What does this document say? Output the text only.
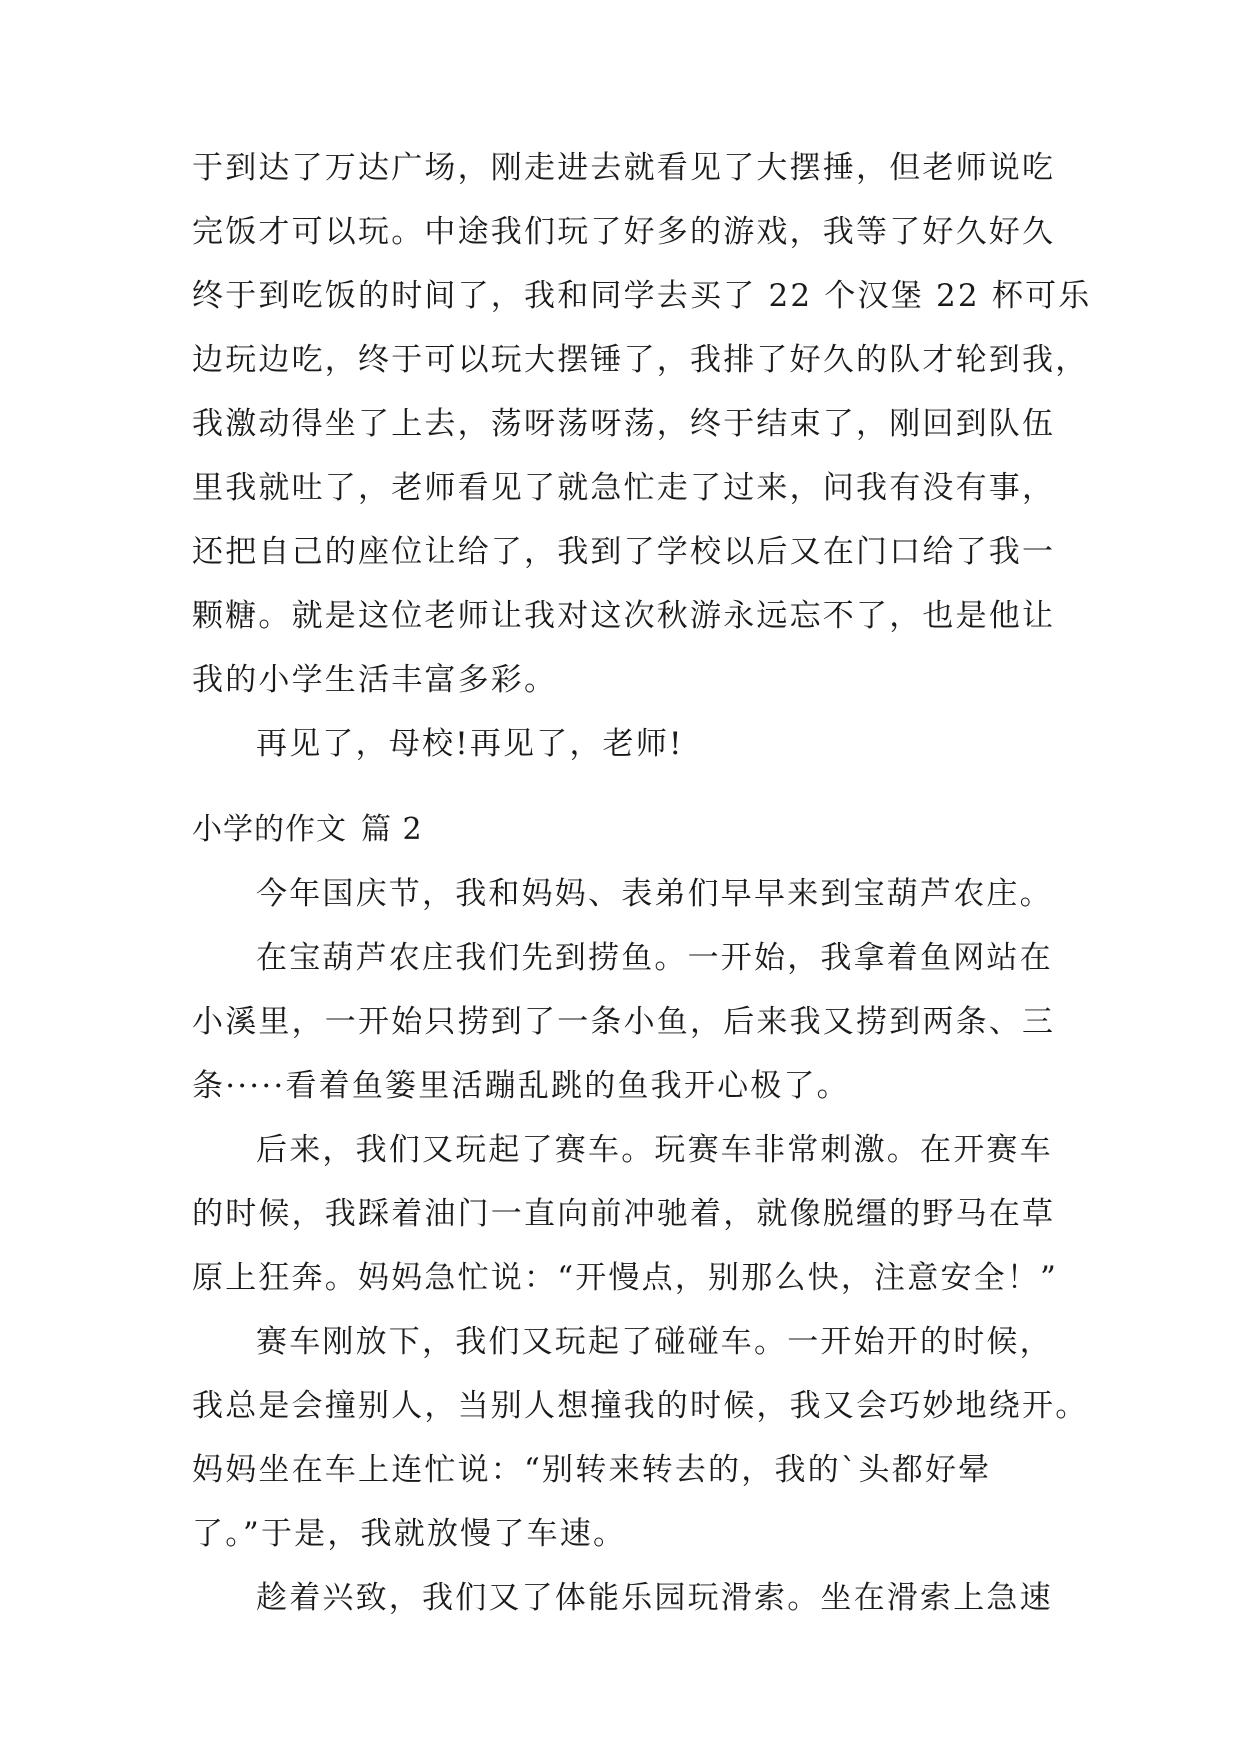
于到达了万达广场，刚走进去就看见了大摆捶，但老师说吃
完饭才可以玩。中途我们玩了好多的游戏，我等了好久好久
终于到吃饭的时间了，我和同学去买了 22 个汉堡 22 杯可乐
边玩边吃，终于可以玩大摆锤了，我排了好久的队才轮到我，
我激动得坐了上去，荡呀荡呀荡，终于结束了，刚回到队伍
里我就吐了，老师看见了就急忙走了过来，问我有没有事，
还把自己的座位让给了，我到了学校以后又在门口给了我一
颗糖。就是这位老师让我对这次秋游永远忘不了，也是他让
我的小学生活丰富多彩。
再见了，母校!再见了，老师!
小学的作文 篇 2
今年国庆节，我和妈妈、表弟们早早来到宝葫芦农庄。
在宝葫芦农庄我们先到捞鱼。一开始，我拿着鱼网站在
小溪里，一开始只捞到了一条小鱼，后来我又捞到两条、三
条·····看着鱼篓里活蹦乱跳的鱼我开心极了。
后来，我们又玩起了赛车。玩赛车非常刺激。在开赛车
的时候，我踩着油门一直向前冲驰着，就像脱缰的野马在草
原上狂奔。妈妈急忙说：“开慢点，别那么快，注意安全！”
赛车刚放下，我们又玩起了碰碰车。一开始开的时候，
我总是会撞别人，当别人想撞我的时候，我又会巧妙地绕开。
妈妈坐在车上连忙说：“别转来转去的，我的`头都好晕
了。”于是，我就放慢了车速。
趁着兴致，我们又了体能乐园玩滑索。坐在滑索上急速
